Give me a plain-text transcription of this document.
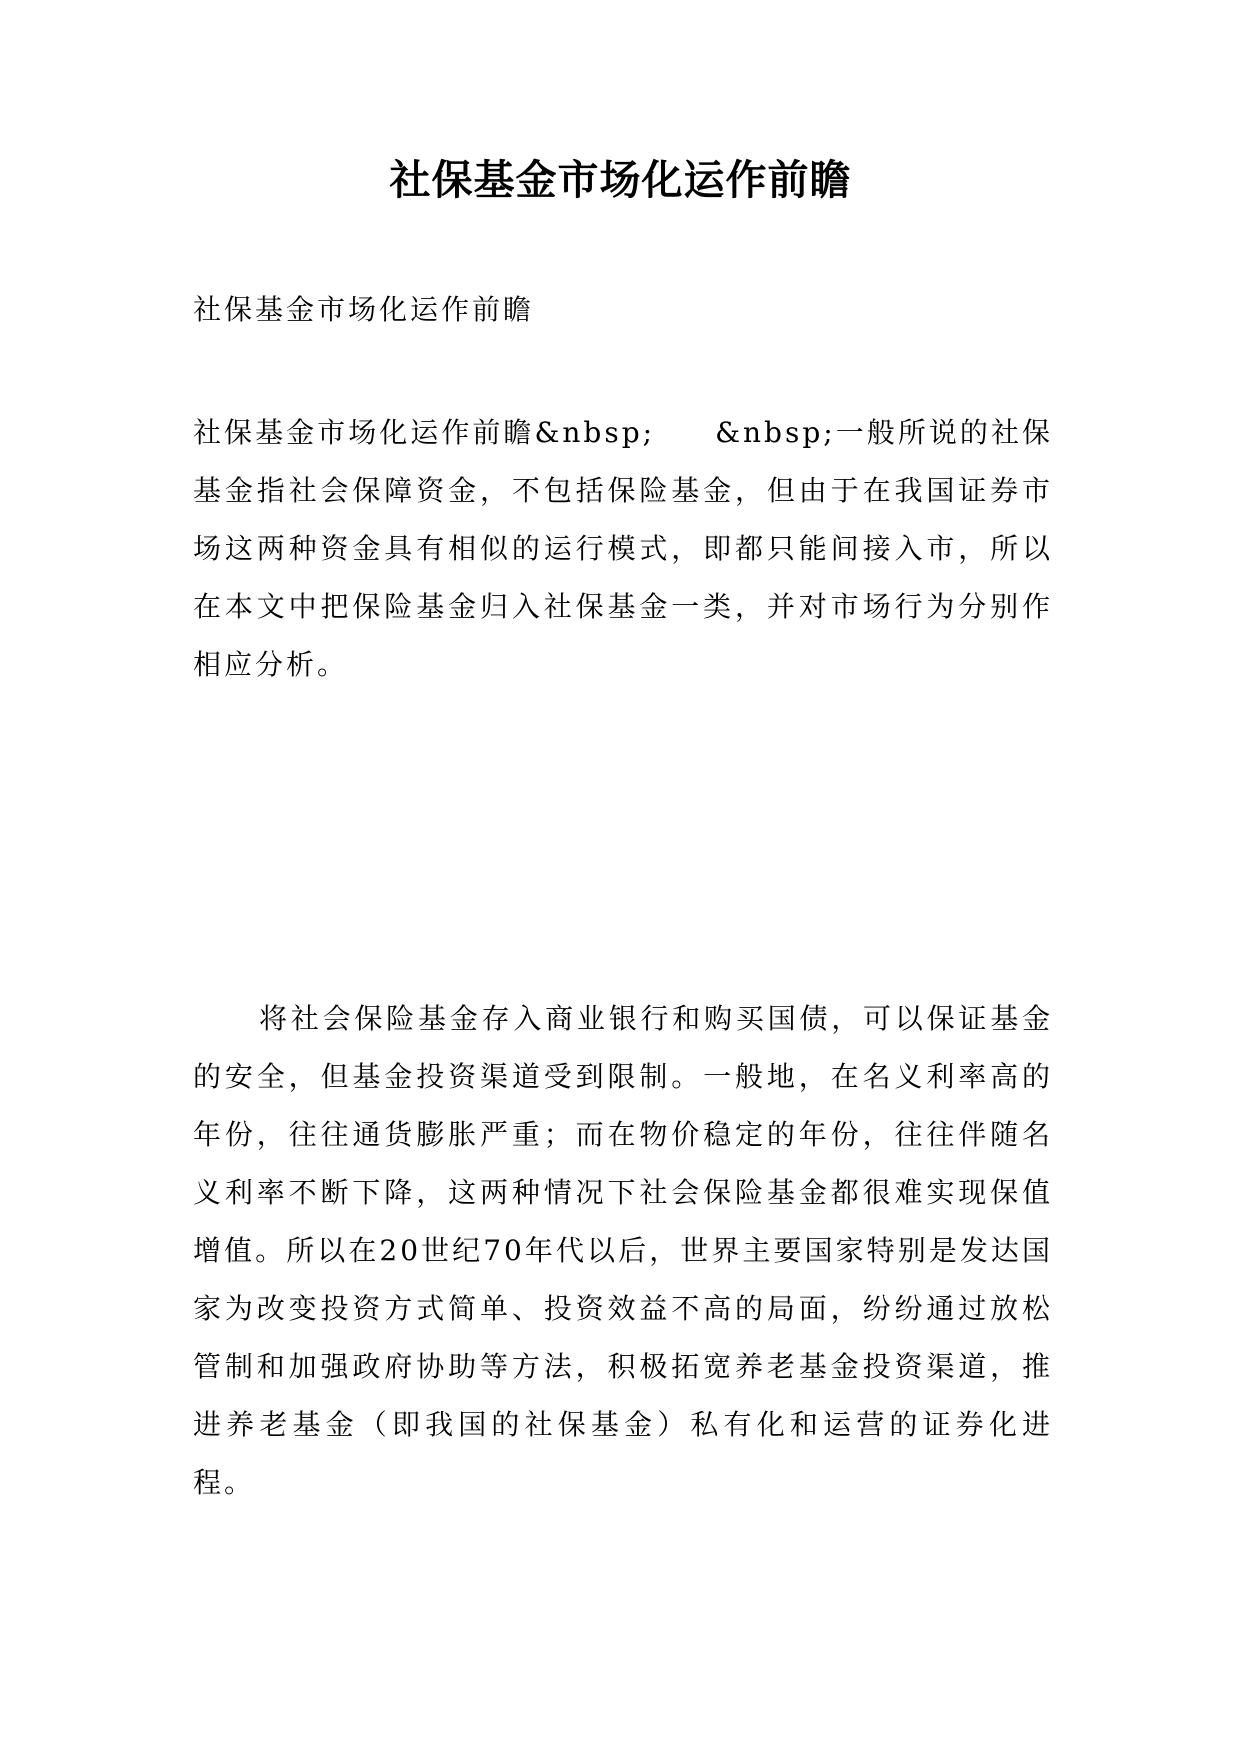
社保基金市场化运作前瞻

社保基金市场化运作前瞻

社保基金市场化运作前瞻&nbsp; &nbsp;一般所说的社保基金指社会保障资金，不包括保险基金，但由于在我国证券市场这两种资金具有相似的运行模式，即都只能间接入市，所以在本文中把保险基金归入社保基金一类，并对市场行为分别作相应分析。

将社会保险基金存入商业银行和购买国债，可以保证基金的安全，但基金投资渠道受到限制。一般地，在名义利率高的年份，往往通货膨胀严重；而在物价稳定的年份，往往伴随名义利率不断下降，这两种情况下社会保险基金都很难实现保值增值。所以在20世纪70年代以后，世界主要国家特别是发达国家为改变投资方式简单、投资效益不高的局面，纷纷通过放松管制和加强政府协助等方法，积极拓宽养老基金投资渠道，推进养老基金（即我国的社保基金）私有化和运营的证券化进程。
